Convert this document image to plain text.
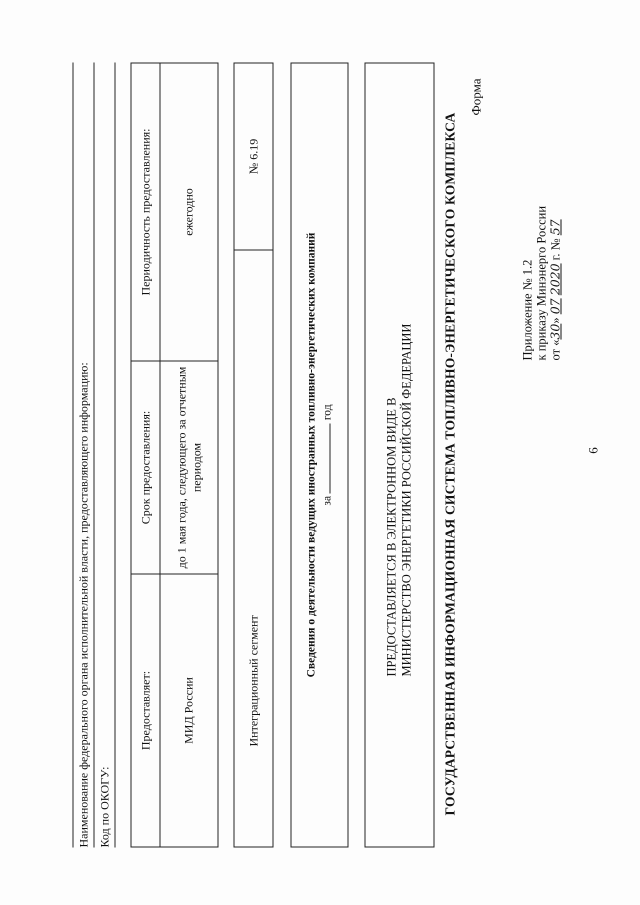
6
Приложение № 1.2 к приказу Минэнерго России от «30» 07 2020 г. № 57
Форма
ГОСУДАРСТВЕННАЯ ИНФОРМАЦИОННАЯ СИСТЕМА ТОПЛИВНО-ЭНЕРГЕТИЧЕСКОГО КОМПЛЕКСА
ПРЕДОСТАВЛЯЕТСЯ В ЭЛЕКТРОННОМ ВИДЕ В МИНИСТЕРСТВО ЭНЕРГЕТИКИ РОССИЙСКОЙ ФЕДЕРАЦИИ
Сведения о деятельности ведущих иностранных топливно-энергетических компаний за  год
Интеграционный сегмент	№ 6.19
Предоставляет:	Срок предоставления:	Периодичность предоставления:
МИД России	до 1 мая года, следующего за отчетным периодом	ежегодно
Наименование федерального органа исполнительной власти, предоставляющего информацию: Код по ОКОГУ:
